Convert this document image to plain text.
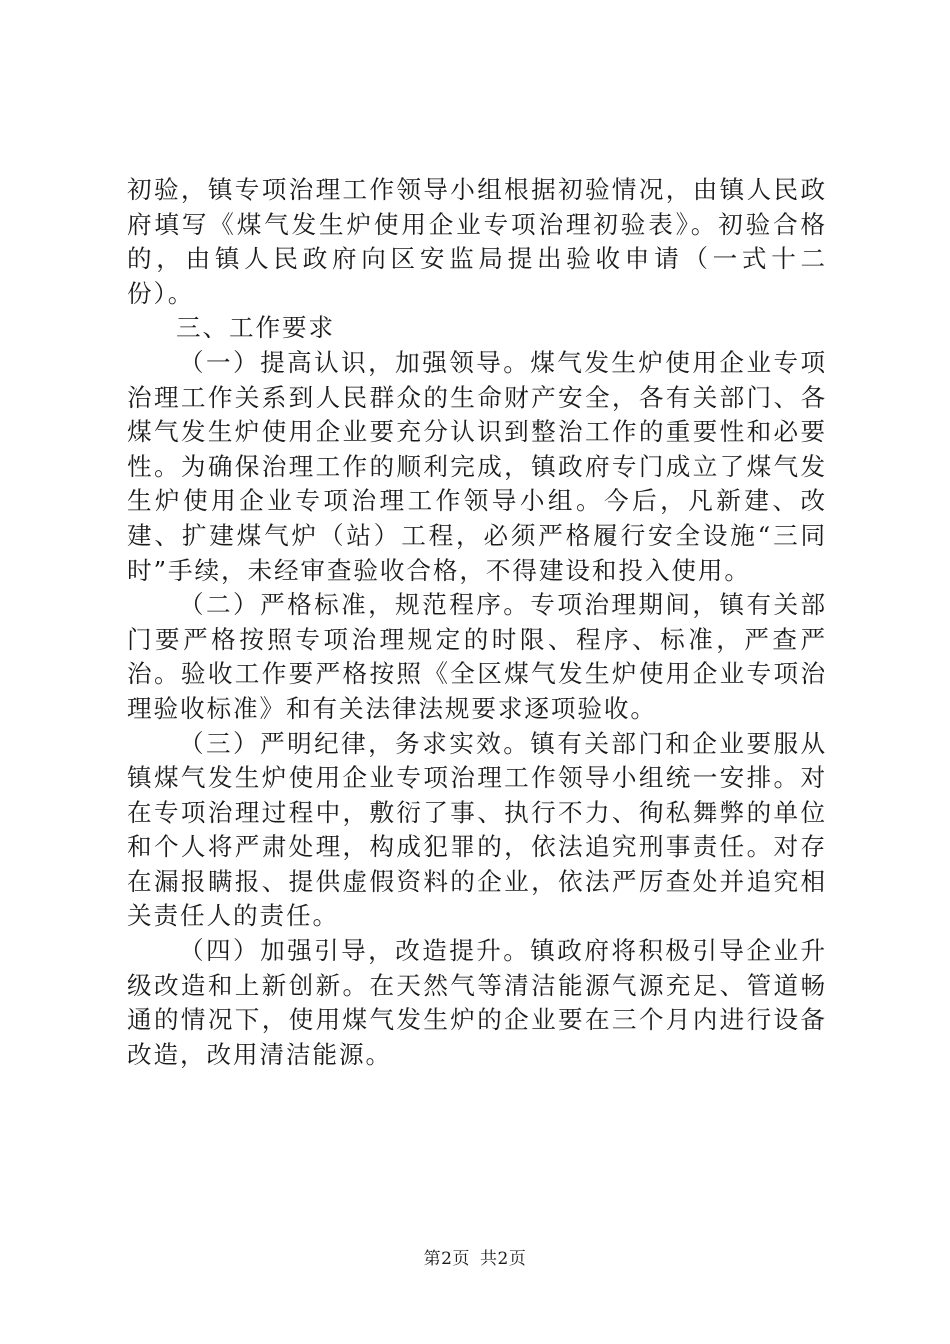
初验，镇专项治理工作领导小组根据初验情况，由镇人民政府填写《煤气发生炉使用企业专项治理初验表》。初验合格的，由镇人民政府向区安监局提出验收申请（一式十二份）。

三、工作要求

（一）提高认识，加强领导。煤气发生炉使用企业专项治理工作关系到人民群众的生命财产安全，各有关部门、各煤气发生炉使用企业要充分认识到整治工作的重要性和必要性。为确保治理工作的顺利完成，镇政府专门成立了煤气发生炉使用企业专项治理工作领导小组。今后，凡新建、改建、扩建煤气炉（站）工程，必须严格履行安全设施“三同时”手续，未经审查验收合格，不得建设和投入使用。

（二）严格标准，规范程序。专项治理期间，镇有关部门要严格按照专项治理规定的时限、程序、标准，严查严治。验收工作要严格按照《全区煤气发生炉使用企业专项治理验收标准》和有关法律法规要求逐项验收。

（三）严明纪律，务求实效。镇有关部门和企业要服从镇煤气发生炉使用企业专项治理工作领导小组统一安排。对在专项治理过程中，敷衍了事、执行不力、徇私舞弊的单位和个人将严肃处理，构成犯罪的，依法追究刑事责任。对存在漏报瞒报、提供虚假资料的企业，依法严厉查处并追究相关责任人的责任。

（四）加强引导，改造提升。镇政府将积极引导企业升级改造和上新创新。在天然气等清洁能源气源充足、管道畅通的情况下，使用煤气发生炉的企业要在三个月内进行设备改造，改用清洁能源。

第2页 共2页
